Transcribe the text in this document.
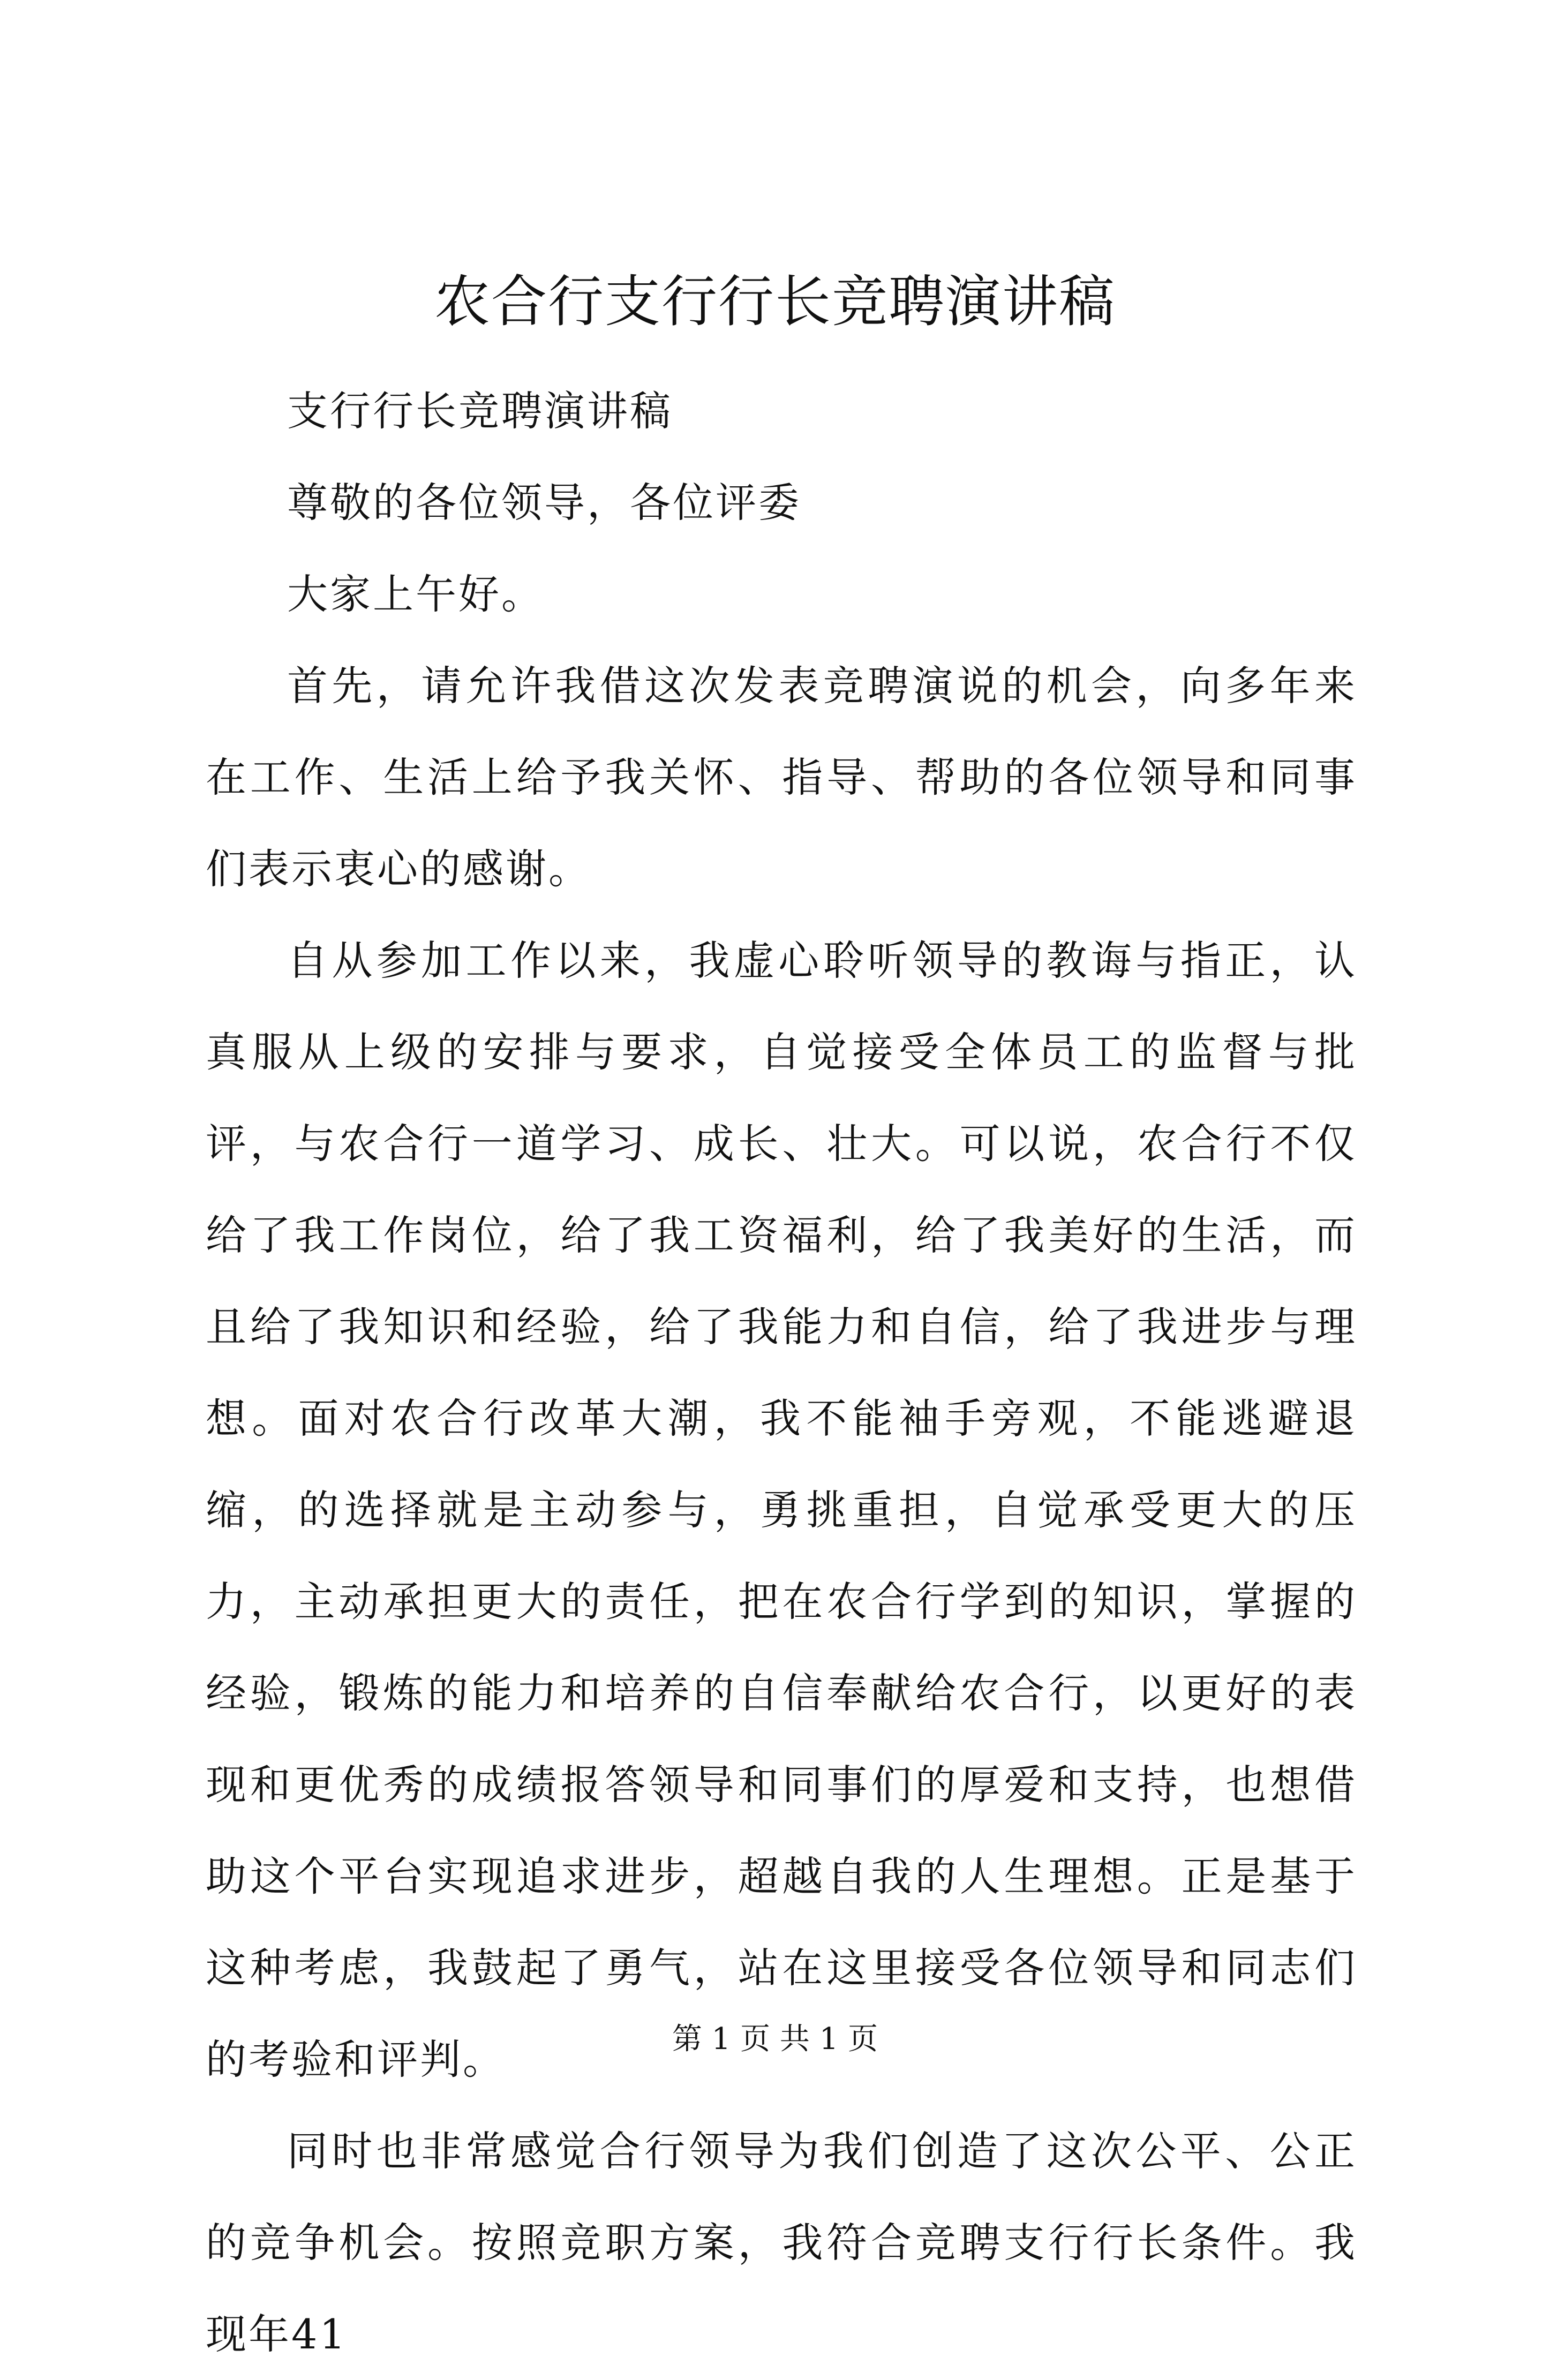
农合行支行行长竞聘演讲稿

支行行长竞聘演讲稿

尊敬的各位领导，各位评委

大家上午好。

首先，请允许我借这次发表竞聘演说的机会，向多年来在工作、生活上给予我关怀、指导、帮助的各位领导和同事们表示衷心的感谢。

自从参加工作以来，我虚心聆听领导的教诲与指正，认真服从上级的安排与要求，自觉接受全体员工的监督与批评，与农合行一道学习、成长、壮大。可以说，农合行不仅给了我工作岗位，给了我工资福利，给了我美好的生活，而且给了我知识和经验，给了我能力和自信，给了我进步与理想。面对农合行改革大潮，我不能袖手旁观，不能逃避退缩，的选择就是主动参与，勇挑重担，自觉承受更大的压力，主动承担更大的责任，把在农合行学到的知识，掌握的经验，锻炼的能力和培养的自信奉献给农合行，以更好的表现和更优秀的成绩报答领导和同事们的厚爱和支持，也想借助这个平台实现追求进步，超越自我的人生理想。正是基于这种考虑，我鼓起了勇气，站在这里接受各位领导和同志们的考验和评判。

同时也非常感觉合行领导为我们创造了这次公平、公正的竞争机会。按照竞职方案，我符合竞聘支行行长条件。我现年41

第 1 页 共 1 页
